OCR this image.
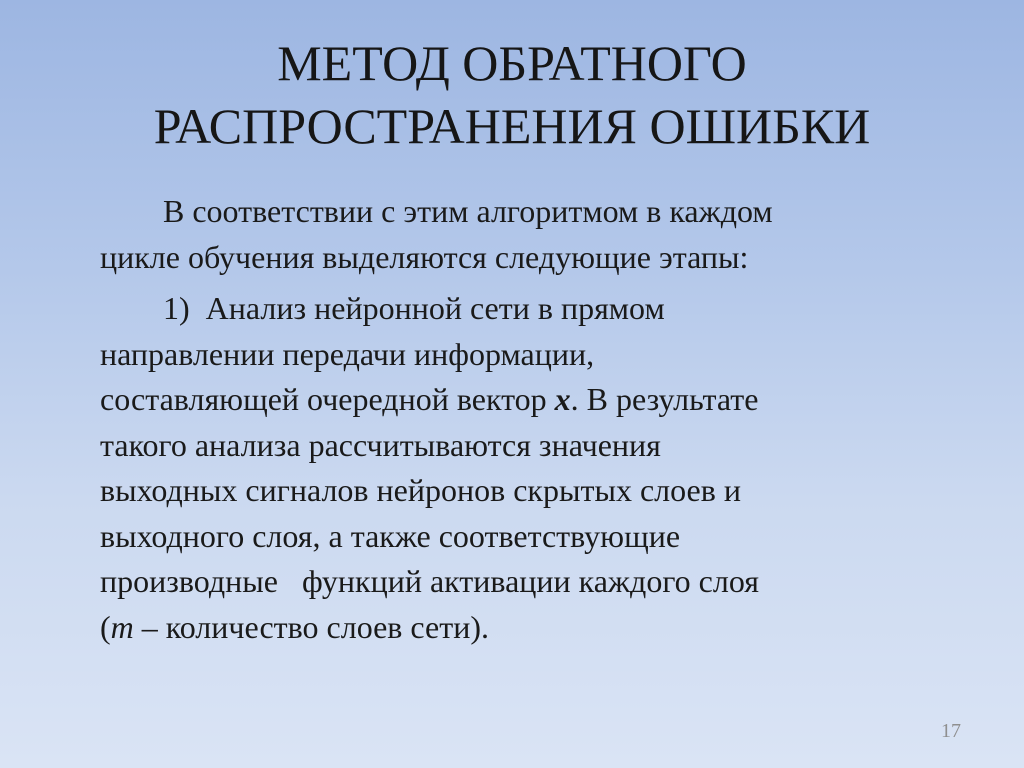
МЕТОД ОБРАТНОГО
РАСПРОСТРАНЕНИЯ ОШИБКИ

В соответствии с этим алгоритмом в каждом
цикле обучения выделяются следующие этапы:

1) Анализ нейронной сети в прямом
направлении передачи информации,
составляющей очередной вектор x. В результате
такого анализа рассчитываются значения
выходных сигналов нейронов скрытых слоев и
выходного слоя, а также соответствующие
производные   функций активации каждого слоя
(m – количество слоев сети).

17
